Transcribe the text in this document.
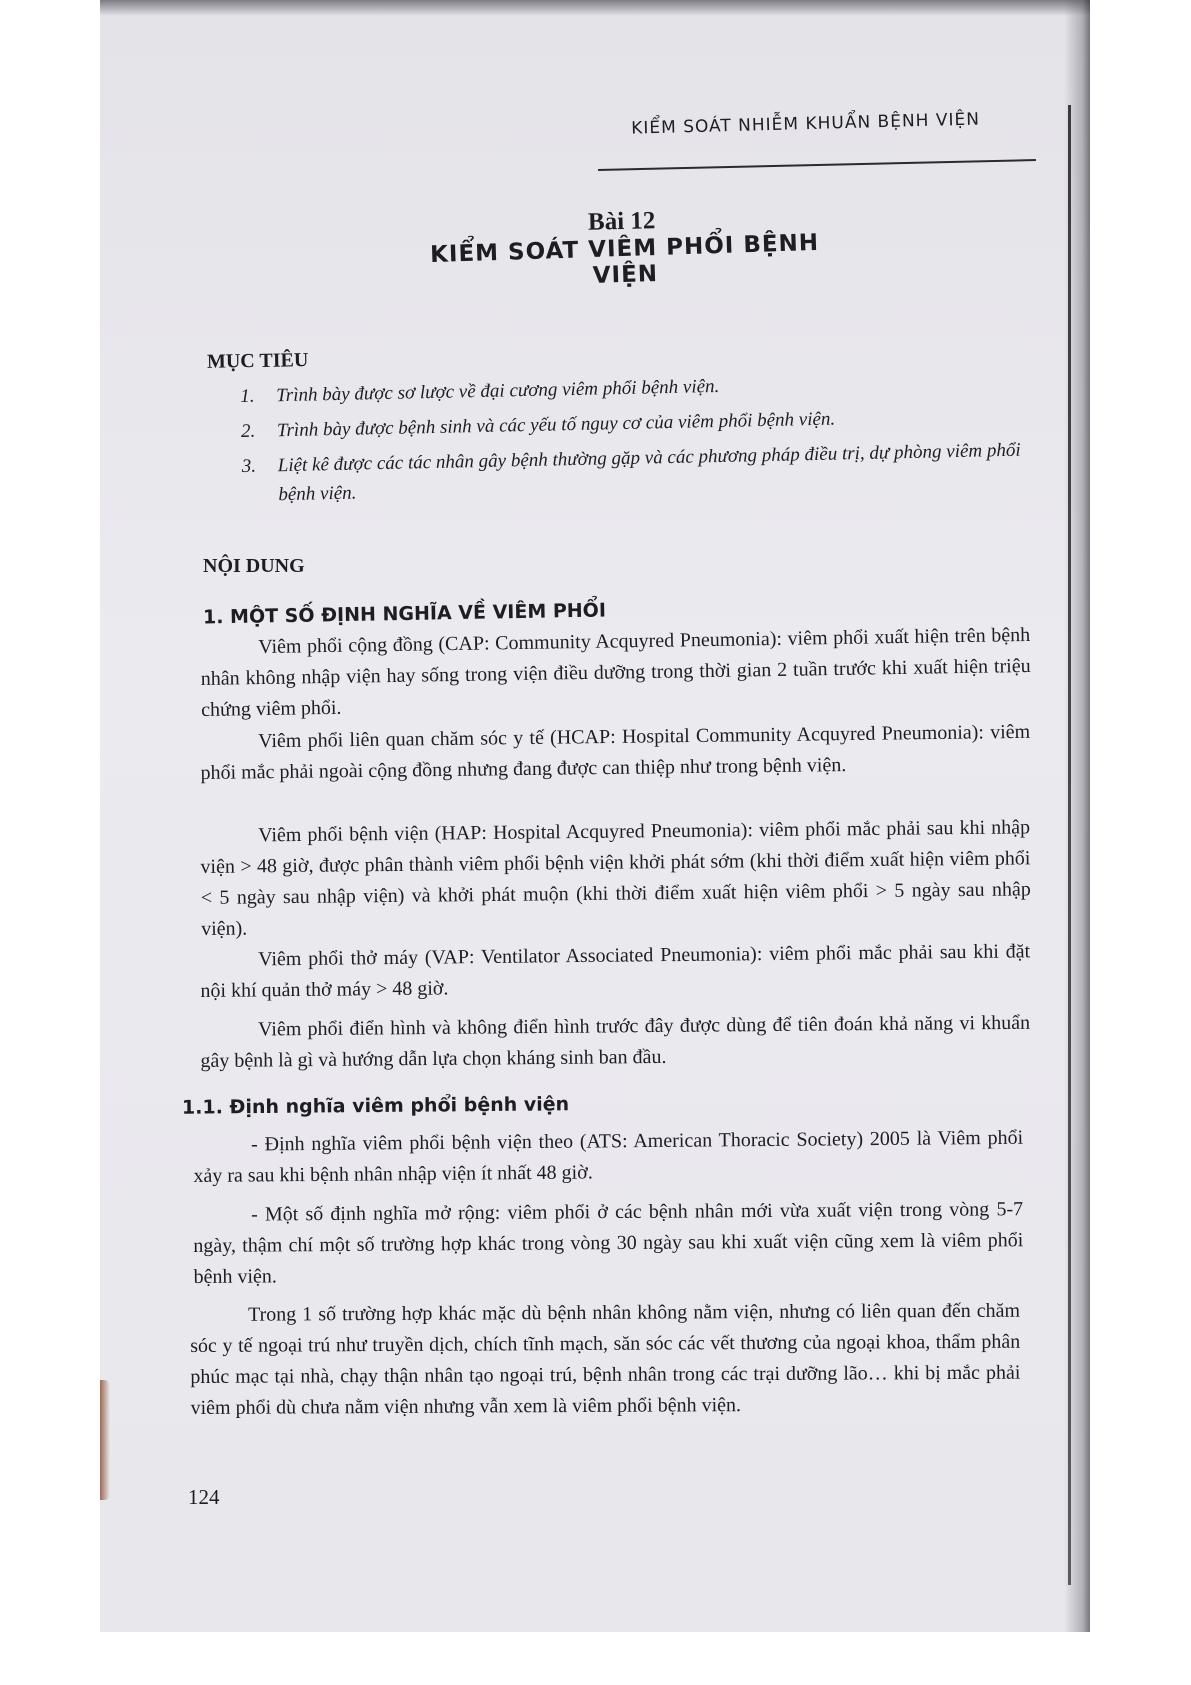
KIỂM SOÁT NHIỄM KHUẨN BỆNH VIỆN
Bài 12
KIỂM SOÁT VIÊM PHỔI BỆNH VIỆN
MỤC TIÊU
1. Trình bày được sơ lược về đại cương viêm phổi bệnh viện.
2. Trình bày được bệnh sinh và các yếu tố nguy cơ của viêm phổi bệnh viện.
3. Liệt kê được các tác nhân gây bệnh thường gặp và các phương pháp điều trị, dự phòng viêm phổi bệnh viện.
NỘI DUNG
1. MỘT SỐ ĐỊNH NGHĨA VỀ VIÊM PHỔI

Viêm phổi cộng đồng (CAP: Community Acquyred Pneumonia): viêm phổi xuất hiện trên bệnh nhân không nhập viện hay sống trong viện điều dưỡng trong thời gian 2 tuần trước khi xuất hiện triệu chứng viêm phổi.

Viêm phổi liên quan chăm sóc y tế (HCAP: Hospital Community Acquyred Pneumonia): viêm phổi mắc phải ngoài cộng đồng nhưng đang được can thiệp như trong bệnh viện.

Viêm phổi bệnh viện (HAP: Hospital Acquyred Pneumonia): viêm phổi mắc phải sau khi nhập viện > 48 giờ, được phân thành viêm phổi bệnh viện khởi phát sớm (khi thời điểm xuất hiện viêm phổi < 5 ngày sau nhập viện) và khởi phát muộn (khi thời điểm xuất hiện viêm phổi > 5 ngày sau nhập viện).

Viêm phổi thở máy (VAP: Ventilator Associated Pneumonia): viêm phổi mắc phải sau khi đặt nội khí quản thở máy > 48 giờ.

Viêm phổi điển hình và không điển hình trước đây được dùng để tiên đoán khả năng vi khuẩn gây bệnh là gì và hướng dẫn lựa chọn kháng sinh ban đầu.

1.1. Định nghĩa viêm phổi bệnh viện

- Định nghĩa viêm phổi bệnh viện theo (ATS: American Thoracic Society) 2005 là Viêm phổi xảy ra sau khi bệnh nhân nhập viện ít nhất 48 giờ.

- Một số định nghĩa mở rộng: viêm phổi ở các bệnh nhân mới vừa xuất viện trong vòng 5-7 ngày, thậm chí một số trường hợp khác trong vòng 30 ngày sau khi xuất viện cũng xem là viêm phổi bệnh viện.

Trong 1 số trường hợp khác mặc dù bệnh nhân không nằm viện, nhưng có liên quan đến chăm sóc y tế ngoại trú như truyền dịch, chích tĩnh mạch, săn sóc các vết thương của ngoại khoa, thẩm phân phúc mạc tại nhà, chạy thận nhân tạo ngoại trú, bệnh nhân trong các trại dưỡng lão… khi bị mắc phải viêm phổi dù chưa nằm viện nhưng vẫn xem là viêm phổi bệnh viện.

124
